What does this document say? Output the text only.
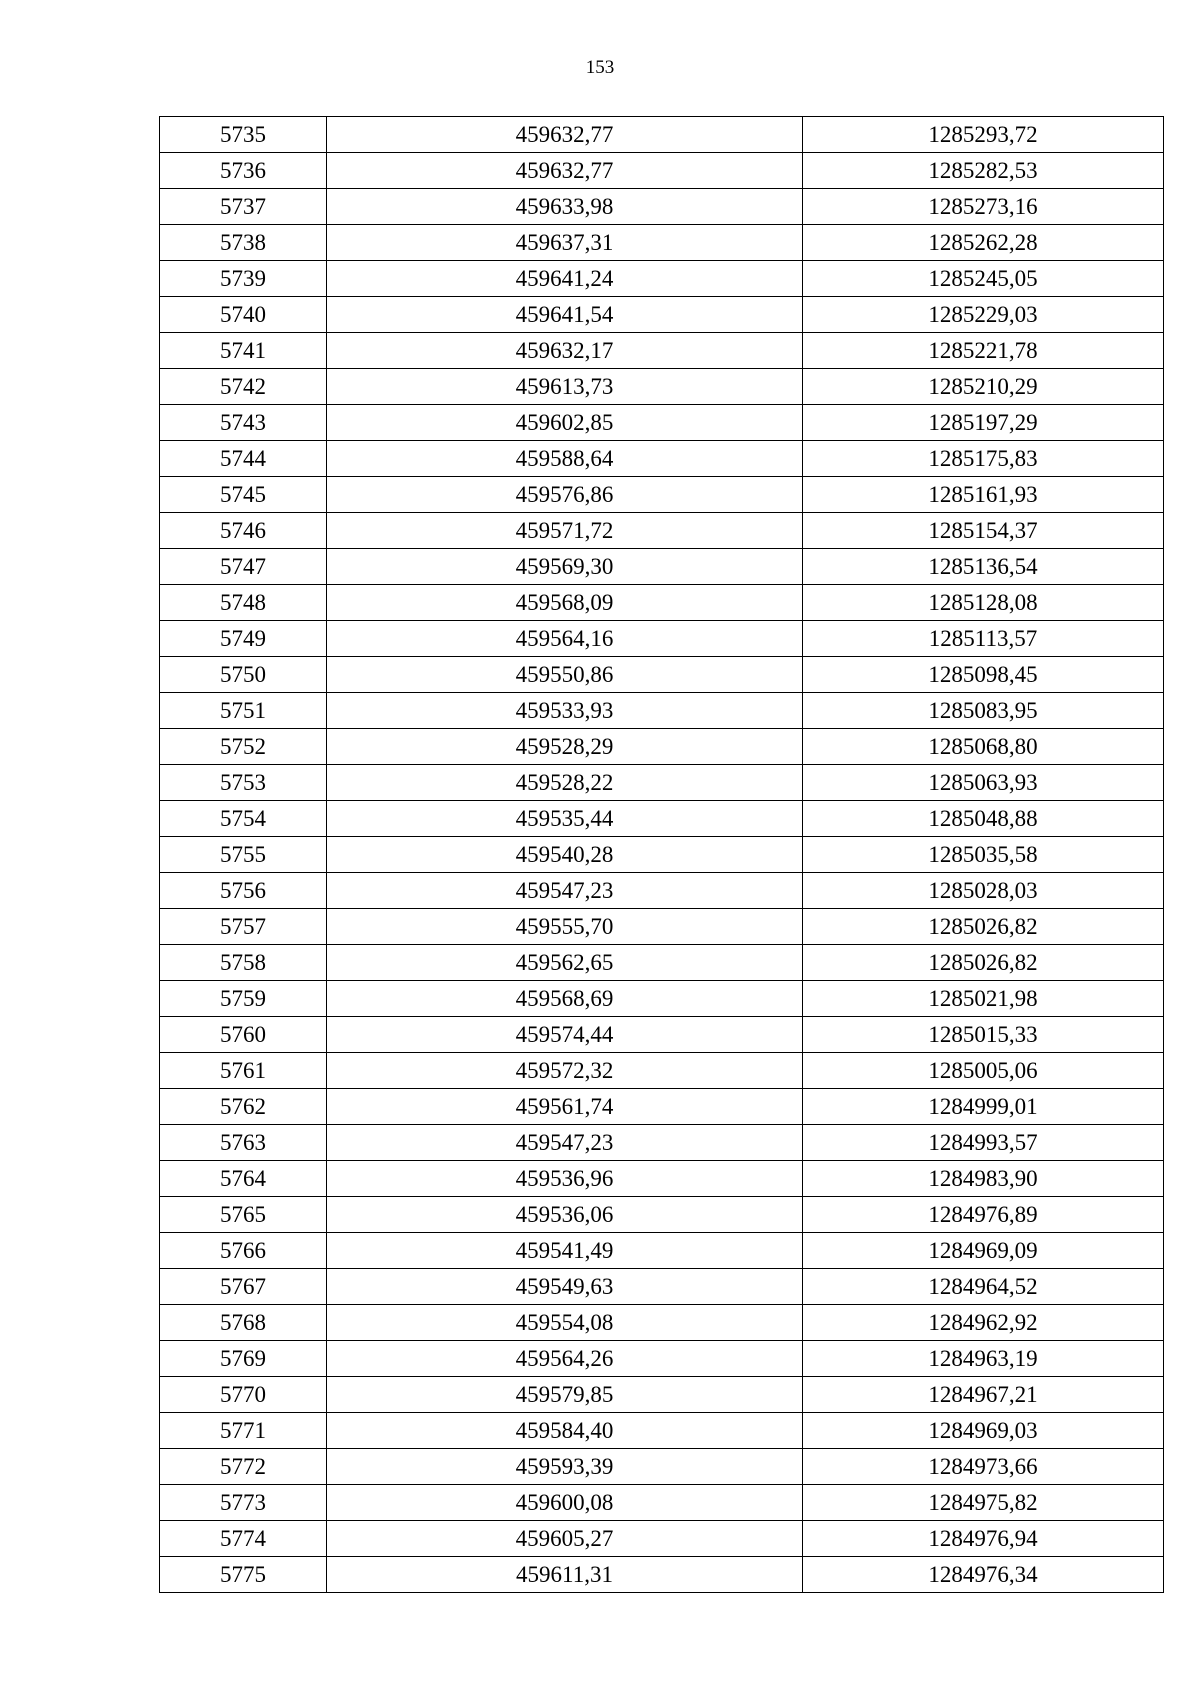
153
5735	459632,77	1285293,72
5736	459632,77	1285282,53
5737	459633,98	1285273,16
5738	459637,31	1285262,28
5739	459641,24	1285245,05
5740	459641,54	1285229,03
5741	459632,17	1285221,78
5742	459613,73	1285210,29
5743	459602,85	1285197,29
5744	459588,64	1285175,83
5745	459576,86	1285161,93
5746	459571,72	1285154,37
5747	459569,30	1285136,54
5748	459568,09	1285128,08
5749	459564,16	1285113,57
5750	459550,86	1285098,45
5751	459533,93	1285083,95
5752	459528,29	1285068,80
5753	459528,22	1285063,93
5754	459535,44	1285048,88
5755	459540,28	1285035,58
5756	459547,23	1285028,03
5757	459555,70	1285026,82
5758	459562,65	1285026,82
5759	459568,69	1285021,98
5760	459574,44	1285015,33
5761	459572,32	1285005,06
5762	459561,74	1284999,01
5763	459547,23	1284993,57
5764	459536,96	1284983,90
5765	459536,06	1284976,89
5766	459541,49	1284969,09
5767	459549,63	1284964,52
5768	459554,08	1284962,92
5769	459564,26	1284963,19
5770	459579,85	1284967,21
5771	459584,40	1284969,03
5772	459593,39	1284973,66
5773	459600,08	1284975,82
5774	459605,27	1284976,94
5775	459611,31	1284976,34
